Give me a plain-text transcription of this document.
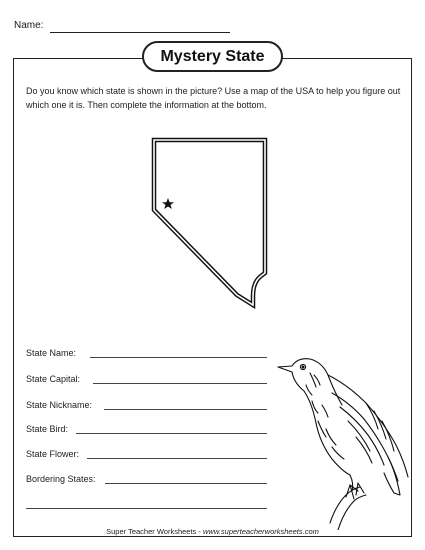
Name:
Mystery State
Do you know which state is shown in the picture? Use a map of the USA to help you figure out which one it is. Then complete the information at the bottom.
State Name:
State Capital:
State Nickname:
State Bird:
State Flower:
Bordering States:
Super Teacher Worksheets - www.superteacherworksheets.com
